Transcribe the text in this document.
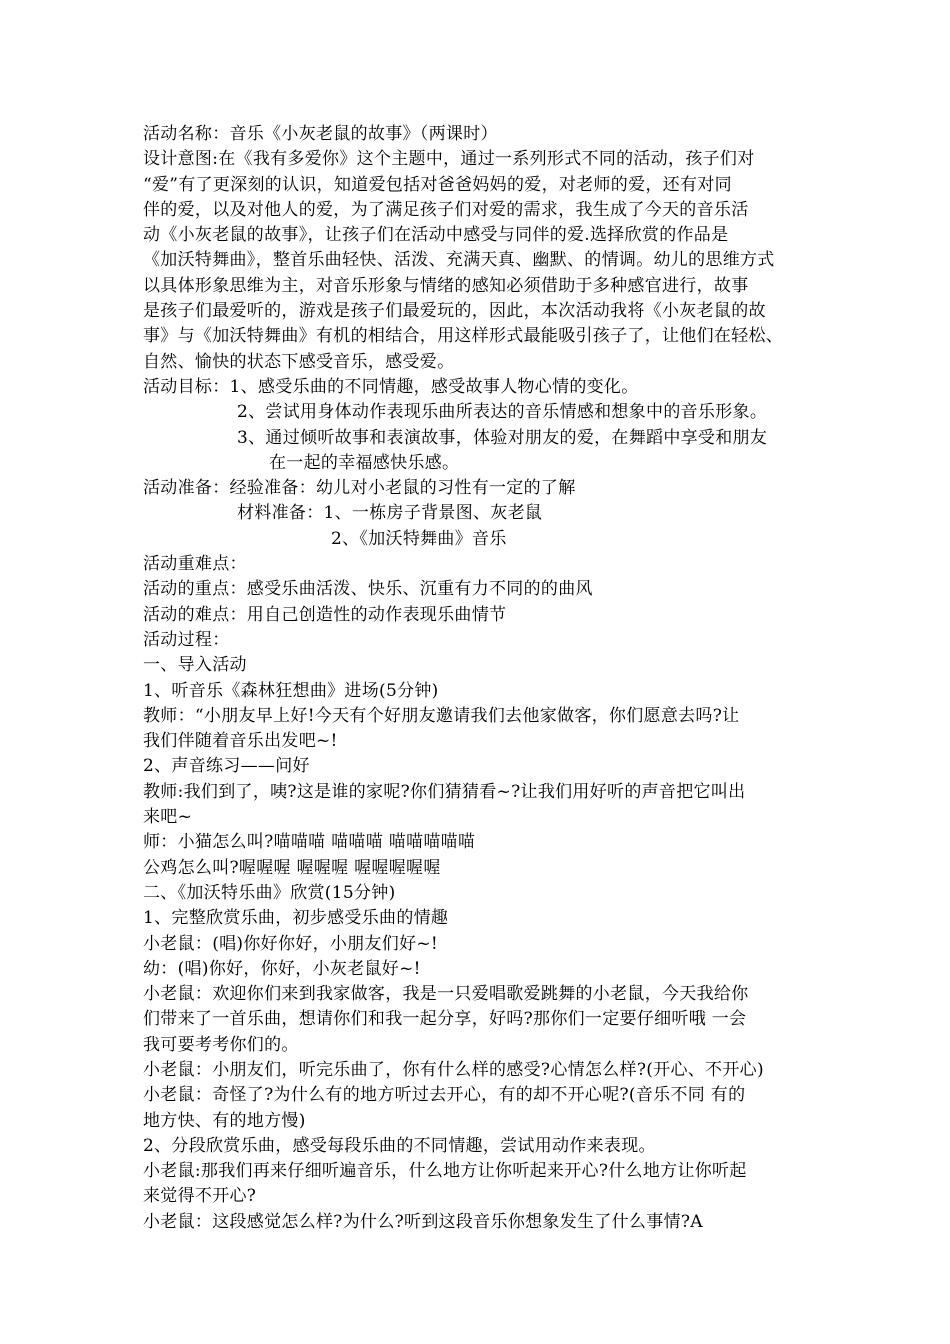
活动名称：音乐《小灰老鼠的故事》（两课时）
设计意图:在《我有多爱你》这个主题中，通过一系列形式不同的活动，孩子们对
“爱”有了更深刻的认识，知道爱包括对爸爸妈妈的爱，对老师的爱，还有对同
伴的爱，以及对他人的爱，为了满足孩子们对爱的需求，我生成了今天的音乐活
动《小灰老鼠的故事》，让孩子们在活动中感受与同伴的爱.选择欣赏的作品是
《加沃特舞曲》，整首乐曲轻快、活泼、充满天真、幽默、的情调。幼儿的思维方式
以具体形象思维为主，对音乐形象与情绪的感知必须借助于多种感官进行，故事
是孩子们最爱听的，游戏是孩子们最爱玩的，因此，本次活动我将《小灰老鼠的故
事》与《加沃特舞曲》有机的相结合，用这样形式最能吸引孩子了，让他们在轻松、
自然、愉快的状态下感受音乐，感受爱。
活动目标：1、感受乐曲的不同情趣，感受故事人物心情的变化。
2、尝试用身体动作表现乐曲所表达的音乐情感和想象中的音乐形象。
3、通过倾听故事和表演故事，体验对朋友的爱，在舞蹈中享受和朋友
在一起的幸福感快乐感。
活动准备：经验准备：幼儿对小老鼠的习性有一定的了解
材料准备：1、一栋房子背景图、灰老鼠
2、《加沃特舞曲》音乐
活动重难点：
活动的重点：感受乐曲活泼、快乐、沉重有力不同的的曲风
活动的难点：用自己创造性的动作表现乐曲情节
活动过程：
一、导入活动
1、听音乐《森林狂想曲》进场(5分钟)
教师：“小朋友早上好!今天有个好朋友邀请我们去他家做客，你们愿意去吗?让
我们伴随着音乐出发吧~!
2、声音练习——问好
教师:我们到了，咦?这是谁的家呢?你们猜猜看~?让我们用好听的声音把它叫出
来吧~
师：小猫怎么叫?喵喵喵 喵喵喵 喵喵喵喵喵
公鸡怎么叫?喔喔喔 喔喔喔 喔喔喔喔喔
二、《加沃特乐曲》欣赏(15分钟)
1、完整欣赏乐曲，初步感受乐曲的情趣
小老鼠：(唱)你好你好，小朋友们好~!
幼：(唱)你好，你好，小灰老鼠好~!
小老鼠：欢迎你们来到我家做客，我是一只爱唱歌爱跳舞的小老鼠，今天我给你
们带来了一首乐曲，想请你们和我一起分享，好吗?那你们一定要仔细听哦 一会
我可要考考你们的。
小老鼠：小朋友们，听完乐曲了，你有什么样的感受?心情怎么样?(开心、不开心)
小老鼠：奇怪了?为什么有的地方听过去开心，有的却不开心呢?(音乐不同 有的
地方快、有的地方慢)
2、分段欣赏乐曲，感受每段乐曲的不同情趣，尝试用动作来表现。
小老鼠:那我们再来仔细听遍音乐，什么地方让你听起来开心?什么地方让你听起
来觉得不开心?
小老鼠：这段感觉怎么样?为什么?听到这段音乐你想象发生了什么事情?A
